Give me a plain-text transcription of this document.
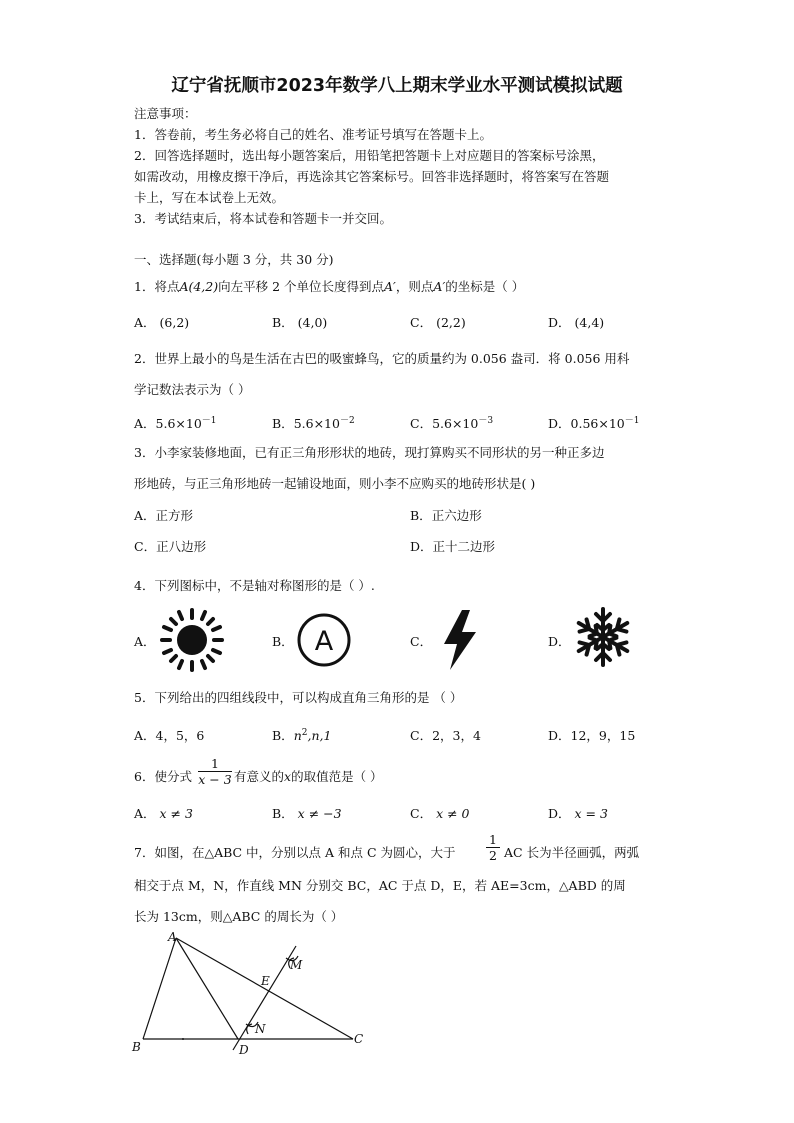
辽宁省抚顺市2023年数学八上期末学业水平测试模拟试题
注意事项：
1．答卷前，考生务必将自己的姓名、准考证号填写在答题卡上。
2．回答选择题时，选出每小题答案后，用铅笔把答题卡上对应题目的答案标号涂黑，
如需改动，用橡皮擦干净后，再选涂其它答案标号。回答非选择题时，将答案写在答题
卡上，写在本试卷上无效。
3．考试结束后，将本试卷和答题卡一并交回。
一、选择题(每小题 3 分，共 30 分)
1．将点A(4,2)向左平移 2 个单位长度得到点A′，则点A′的坐标是（ ）
A． (6,2)	B． (4,0)	C． (2,2)	D． (4,4)
2．世界上最小的鸟是生活在古巴的吸蜜蜂鸟，它的质量约为 0.056 盎司．将 0.056 用科
学记数法表示为（ ）
A．$5.6\times 10^{-1}$	B．$5.6\times 10^{-2}$	C．$5.6\times 10^{-3}$	D．$0.56\times 10^{-1}$
3．小李家装修地面，已有正三角形形状的地砖，现打算购买不同形状的另一种正多边
形地砖，与正三角形地砖一起铺设地面，则小李不应购买的地砖形状是( )
A．正方形	B．正六边形
C．正八边形	D．正十二边形
4．下列图标中，不是轴对称图形的是（ ）.
A．	B． A	C．	D．
5．下列给出的四组线段中，可以构成直角三角形的是 （ ）
A．4，5，6	B．$n^2,n,1$	C．2，3，4	D．12，9，15
6．使分式 $\frac{1}{x - 3}$ 有意义的x的取值范是（ ）
A． x ≠ 3	B． x ≠ −3	C． x ≠ 0	D． x = 3
7．如图，在△ABC 中，分别以点 A 和点 C 为圆心，大于 $\frac{1}{2}$ AC 长为半径画弧，两弧
相交于点 M，N，作直线 MN 分别交 BC，AC 于点 D，E，若 AE=3cm，△ABD 的周
长为 13cm，则△ABC 的周长为（ ）
A
B
C
D
E
M
N
